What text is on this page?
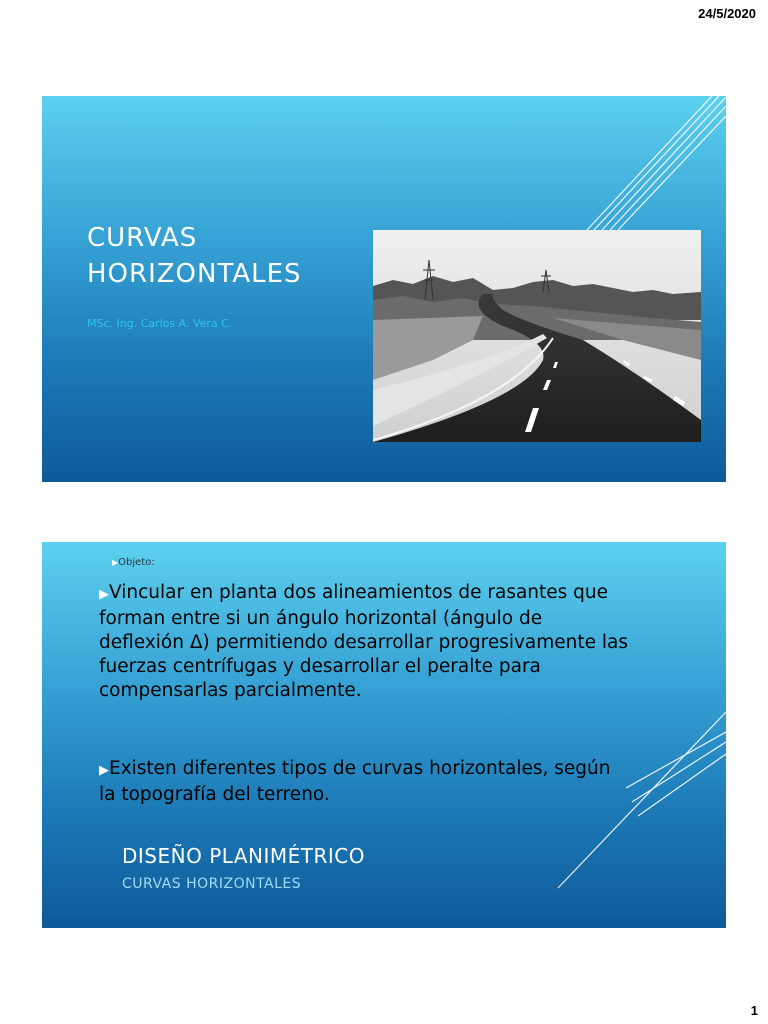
24/5/2020
CURVAS
HORIZONTALES
MSc. Ing. Carlos A. Vera C.
▶Objeto:
▶Vincular en planta dos alineamientos de rasantes que forman entre si un ángulo horizontal (ángulo de deflexión Δ) permitiendo desarrollar progresivamente las fuerzas centrífugas y desarrollar el peralte para compensarlas parcialmente.
▶Existen diferentes tipos de curvas horizontales, según la topografía del terreno.
DISEÑO PLANIMÉTRICO
CURVAS HORIZONTALES
1
